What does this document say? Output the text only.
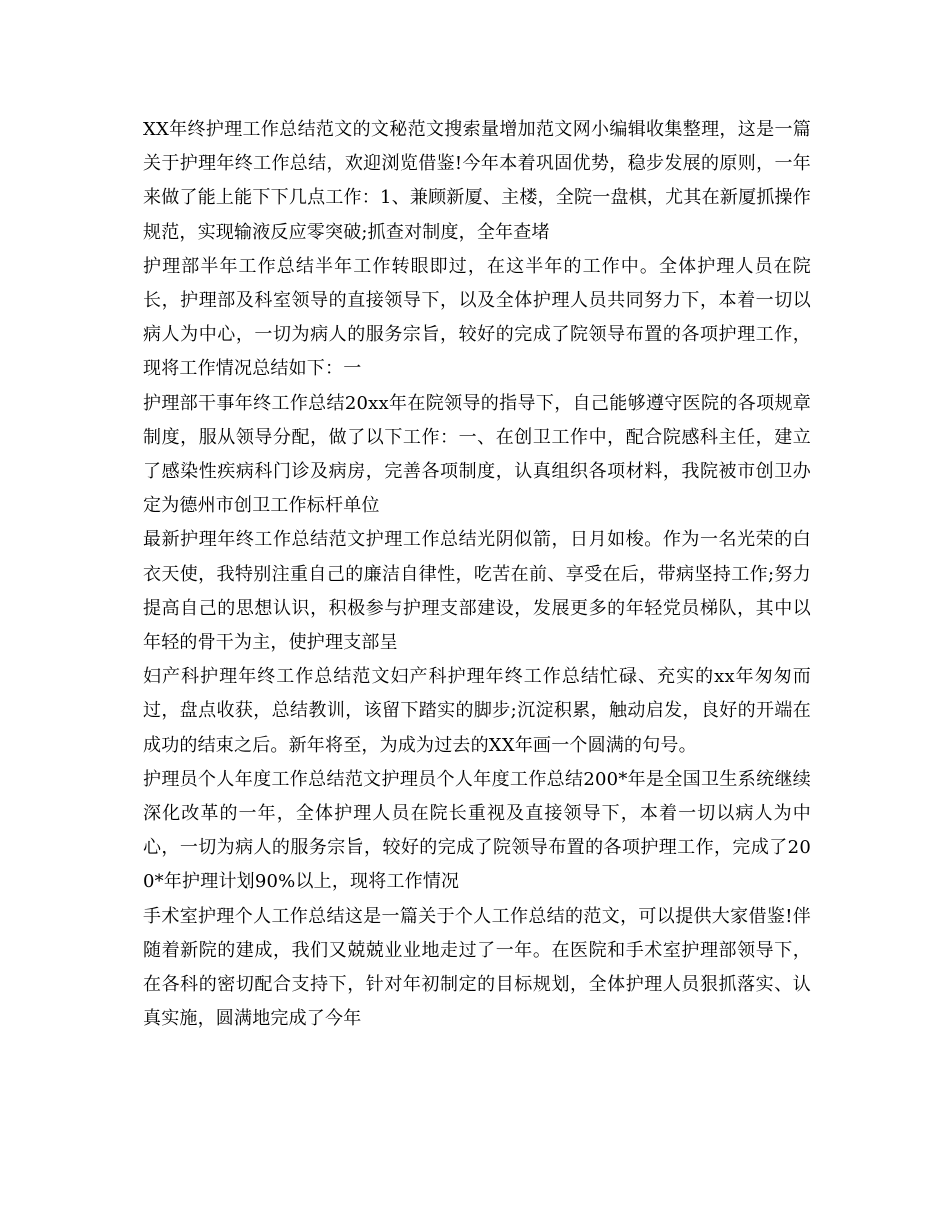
XX年终护理工作总结范文的文秘范文搜索量增加范文网小编辑收集整理，这是一篇关于护理年终工作总结，欢迎浏览借鉴!今年本着巩固优势，稳步发展的原则，一年来做了能上能下下几点工作：1、兼顾新厦、主楼，全院一盘棋，尤其在新厦抓操作规范，实现输液反应零突破;抓查对制度，全年查堵

护理部半年工作总结半年工作转眼即过，在这半年的工作中。全体护理人员在院长，护理部及科室领导的直接领导下，以及全体护理人员共同努力下，本着一切以病人为中心，一切为病人的服务宗旨，较好的完成了院领导布置的各项护理工作，现将工作情况总结如下：一

护理部干事年终工作总结20xx年在院领导的指导下，自己能够遵守医院的各项规章制度，服从领导分配，做了以下工作：一、在创卫工作中，配合院感科主任，建立了感染性疾病科门诊及病房，完善各项制度，认真组织各项材料，我院被市创卫办定为德州市创卫工作标杆单位

最新护理年终工作总结范文护理工作总结光阴似箭，日月如梭。作为一名光荣的白衣天使，我特别注重自己的廉洁自律性，吃苦在前、享受在后，带病坚持工作;努力提高自己的思想认识，积极参与护理支部建设，发展更多的年轻党员梯队，其中以年轻的骨干为主，使护理支部呈

妇产科护理年终工作总结范文妇产科护理年终工作总结忙碌、充实的xx年匆匆而过，盘点收获，总结教训，该留下踏实的脚步;沉淀积累，触动启发，良好的开端在成功的结束之后。新年将至，为成为过去的XX年画一个圆满的句号。

护理员个人年度工作总结范文护理员个人年度工作总结200*年是全国卫生系统继续深化改革的一年，全体护理人员在院长重视及直接领导下，本着一切以病人为中心，一切为病人的服务宗旨，较好的完成了院领导布置的各项护理工作，完成了200*年护理计划90%以上，现将工作情况

手术室护理个人工作总结这是一篇关于个人工作总结的范文，可以提供大家借鉴!伴随着新院的建成，我们又兢兢业业地走过了一年。在医院和手术室护理部领导下，在各科的密切配合支持下，针对年初制定的目标规划，全体护理人员狠抓落实、认真实施，圆满地完成了今年
